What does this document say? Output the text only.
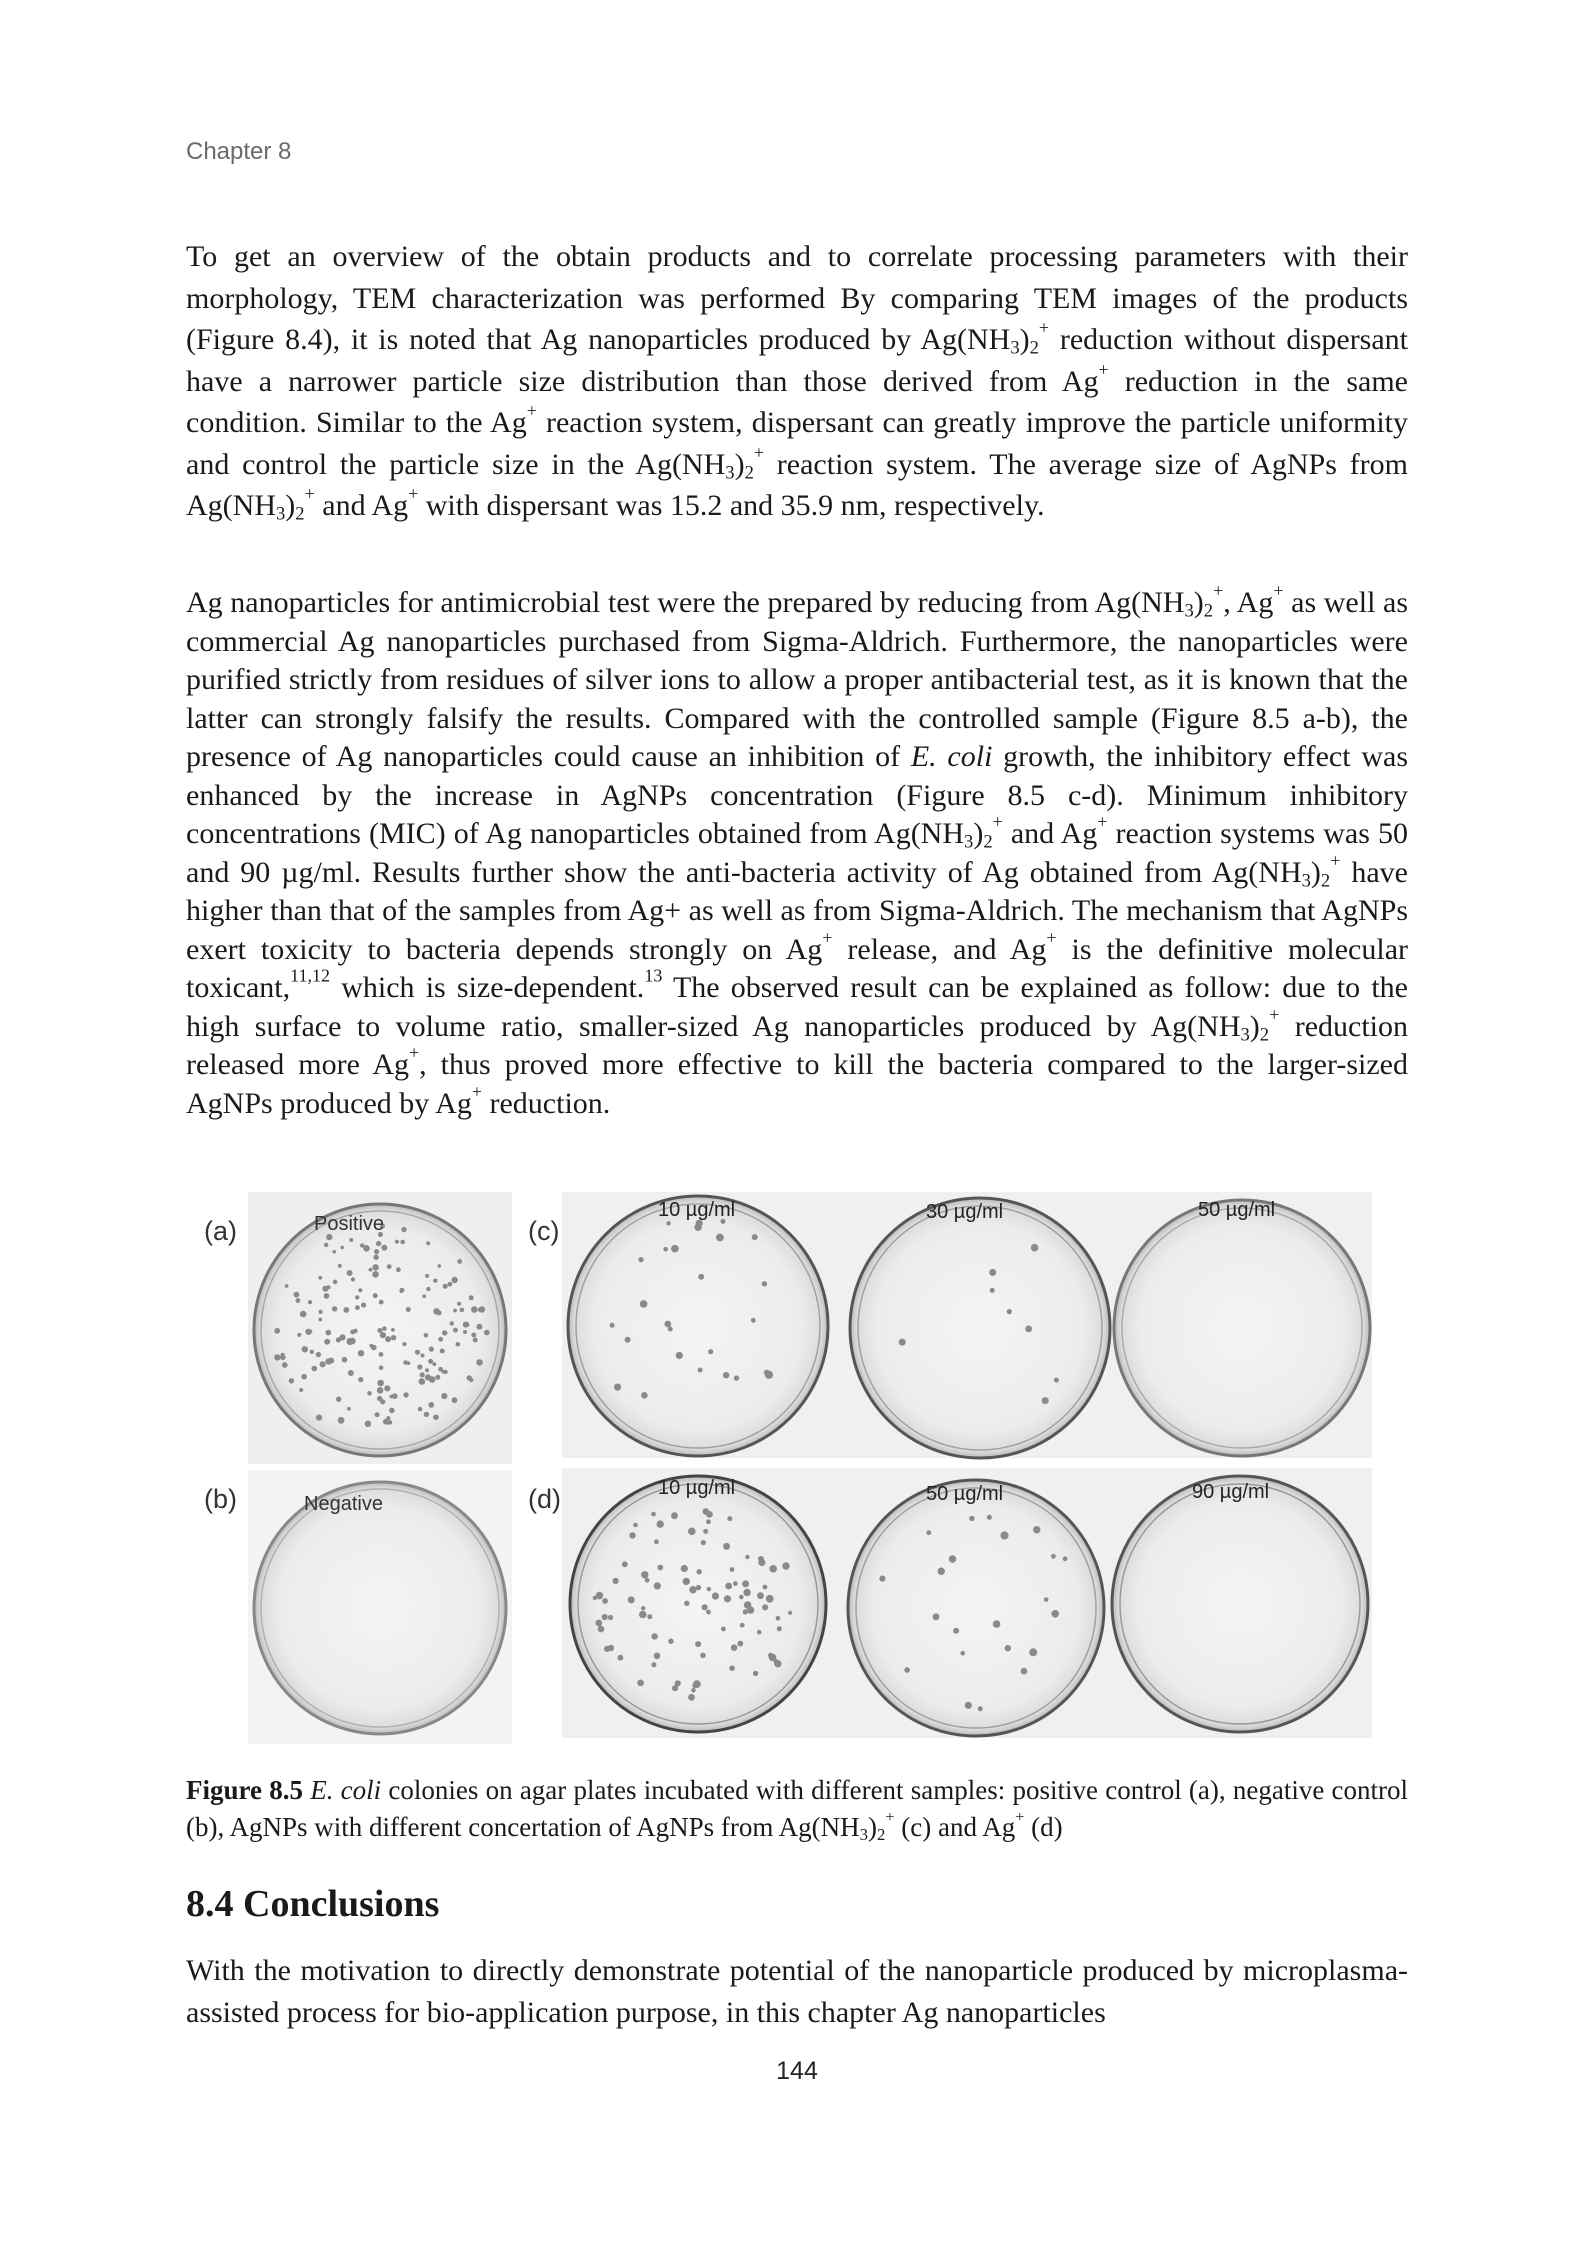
Chapter 8

To get an overview of the obtain products and to correlate processing parameters with their morphology, TEM characterization was performed By comparing TEM images of the products (Figure 8.4), it is noted that Ag nanoparticles produced by $Ag(NH_3)_2^+$ reduction without dispersant have a narrower particle size distribution than those derived from Ag+ reduction in the same condition. Similar to the Ag+ reaction system, dispersant can greatly improve the particle uniformity and control the particle size in the $Ag(NH_3)_2^+$ reaction system. The average size of AgNPs from $Ag(NH_3)_2^+$ and Ag+ with dispersant was 15.2 and 35.9 nm, respectively.

Ag nanoparticles for antimicrobial test were the prepared by reducing from $Ag(NH_3)_2^+$, Ag+ as well as commercial Ag nanoparticles purchased from Sigma-Aldrich. Furthermore, the nanoparticles were purified strictly from residues of silver ions to allow a proper antibacterial test, as it is known that the latter can strongly falsify the results. Compared with the controlled sample (Figure 8.5 a-b), the presence of Ag nanoparticles could cause an inhibition of E. coli growth, the inhibitory effect was enhanced by the increase in AgNPs concentration (Figure 8.5 c-d). Minimum inhibitory concentrations (MIC) of Ag nanoparticles obtained from $Ag(NH_3)_2^+$ and Ag+ reaction systems was 50 and 90 µg/ml. Results further show the anti-bacteria activity of Ag obtained from $Ag(NH_3)_2^+$ have higher than that of the samples from Ag+ as well as from Sigma-Aldrich. The mechanism that AgNPs exert toxicity to bacteria depends strongly on Ag+ release, and Ag+ is the definitive molecular toxicant,$^{11,12}$ which is size-dependent.$^{13}$ The observed result can be explained as follow: due to the high surface to volume ratio, smaller-sized Ag nanoparticles produced by $Ag(NH_3)_2^+$ reduction released more Ag+, thus proved more effective to kill the bacteria compared to the larger-sized AgNPs produced by Ag+ reduction.

(a)
(b)
(c)
(d)
Positive
Negative
10 µg/ml	30 µg/ml	50 µg/ml
10 µg/ml	50 µg/ml	90 µg/ml
Figure 8.5 E. coli colonies on agar plates incubated with different samples: positive control (a), negative control (b), AgNPs with different concertation of AgNPs from $Ag(NH_3)_2^+$ (c) and Ag+ (d)
8.4 Conclusions

With the motivation to directly demonstrate potential of the nanoparticle produced by microplasma- assisted process for bio-application purpose, in this chapter Ag nanoparticles

144
